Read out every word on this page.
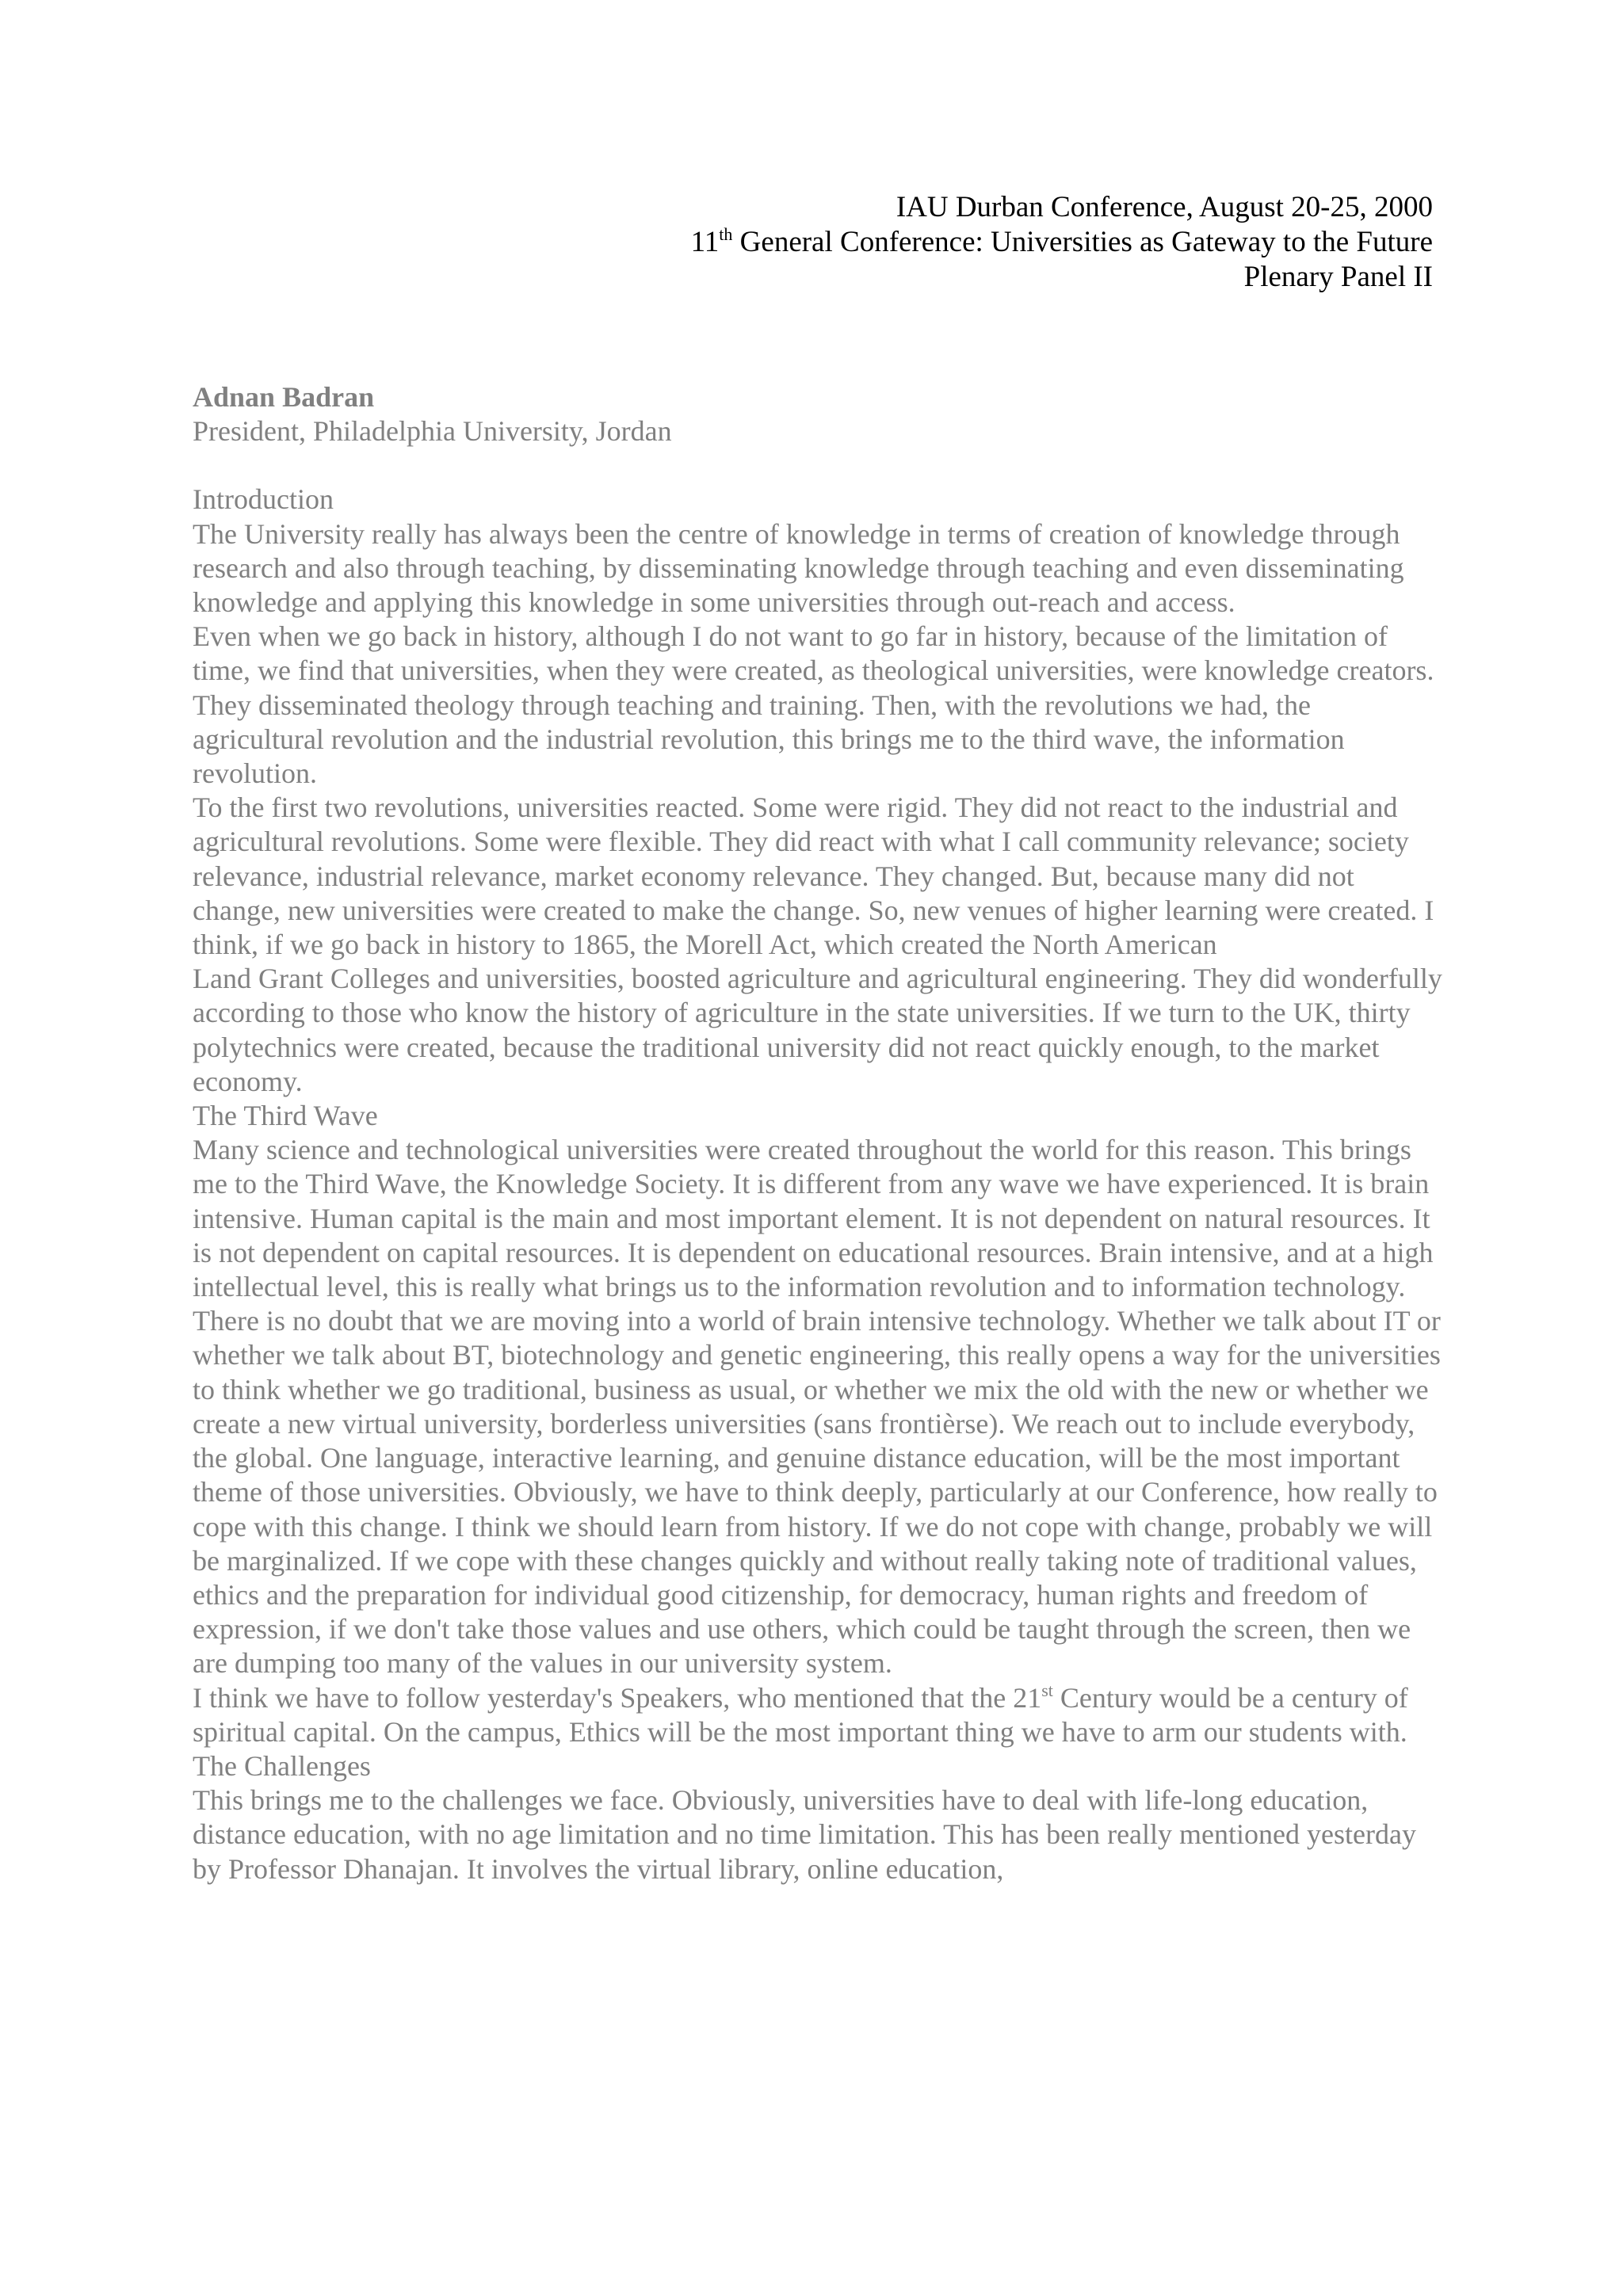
IAU Durban Conference, August 20-25, 2000
11th General Conference: Universities as Gateway to the Future
Plenary Panel II

Adnan Badran

President, Philadelphia University, Jordan

Introduction

The University really has always been the centre of knowledge in terms of creation of knowledge through research and also through teaching, by disseminating knowledge through teaching and even disseminating knowledge and applying this knowledge in some universities through out-reach and access.

Even when we go back in history, although I do not want to go far in history, because of the limitation of time, we find that universities, when they were created, as theological universities, were knowledge creators. They disseminated theology through teaching and training. Then, with the revolutions we had, the agricultural revolution and the industrial revolution, this brings me to the third wave, the information revolution.

To the first two revolutions, universities reacted. Some were rigid. They did not react to the industrial and agricultural revolutions. Some were flexible. They did react with what I call community relevance; society relevance, industrial relevance, market economy relevance. They changed. But, because many did not change, new universities were created to make the change. So, new venues of higher learning were created. I think, if we go back in history to 1865, the Morell Act, which created the North American

Land Grant Colleges and universities, boosted agriculture and agricultural engineering. They did wonderfully according to those who know the history of agriculture in the state universities. If we turn to the UK, thirty polytechnics were created, because the traditional university did not react quickly enough, to the market economy.

The Third Wave

Many science and technological universities were created throughout the world for this reason. This brings me to the Third Wave, the Knowledge Society. It is different from any wave we have experienced. It is brain intensive. Human capital is the main and most important element. It is not dependent on natural resources. It is not dependent on capital resources. It is dependent on educational resources. Brain intensive, and at a high intellectual level, this is really what brings us to the information revolution and to information technology.

There is no doubt that we are moving into a world of brain intensive technology. Whether we talk about IT or whether we talk about BT, biotechnology and genetic engineering, this really opens a way for the universities to think whether we go traditional, business as usual, or whether we mix the old with the new or whether we create a new virtual university, borderless universities (sans frontièrse). We reach out to include everybody, the global. One language, interactive learning, and genuine distance education, will be the most important theme of those universities. Obviously, we have to think deeply, particularly at our Conference, how really to cope with this change. I think we should learn from history. If we do not cope with change, probably we will be marginalized. If we cope with these changes quickly and without really taking note of traditional values, ethics and the preparation for individual good citizenship, for democracy, human rights and freedom of expression, if we don't take those values and use others, which could be taught through the screen, then we are dumping too many of the values in our university system.

I think we have to follow yesterday's Speakers, who mentioned that the 21st Century would be a century of spiritual capital. On the campus, Ethics will be the most important thing we have to arm our students with.

The Challenges

This brings me to the challenges we face. Obviously, universities have to deal with life-long education, distance education, with no age limitation and no time limitation. This has been really mentioned yesterday by Professor Dhanajan. It involves the virtual library, online education,
